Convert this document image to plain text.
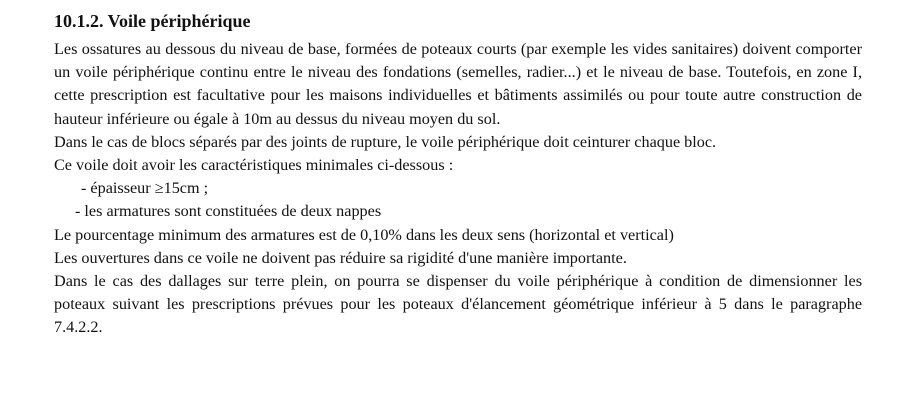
10.1.2. Voile périphérique

Les ossatures au dessous du niveau de base, formées de poteaux courts (par exemple les vides sanitaires) doivent comporter un voile périphérique continu entre le niveau des fondations (semelles, radier...) et le niveau de base. Toutefois, en zone I, cette prescription est facultative pour les maisons individuelles et bâtiments assimilés ou pour toute autre construction de hauteur inférieure ou égale à 10m au dessus du niveau moyen du sol.

Dans le cas de blocs séparés par des joints de rupture, le voile périphérique doit ceinturer chaque bloc.

Ce voile doit avoir les caractéristiques minimales ci-dessous :

- épaisseur ≥15cm ;

- les armatures sont constituées de deux nappes

Le pourcentage minimum des armatures est de 0,10% dans les deux sens (horizontal et vertical)

Les ouvertures dans ce voile ne doivent pas réduire sa rigidité d'une manière importante.

Dans le cas des dallages sur terre plein, on pourra se dispenser du voile périphérique à condition de dimensionner les poteaux suivant les prescriptions prévues pour les poteaux d'élancement géométrique inférieur à 5 dans le paragraphe 7.4.2.2.
